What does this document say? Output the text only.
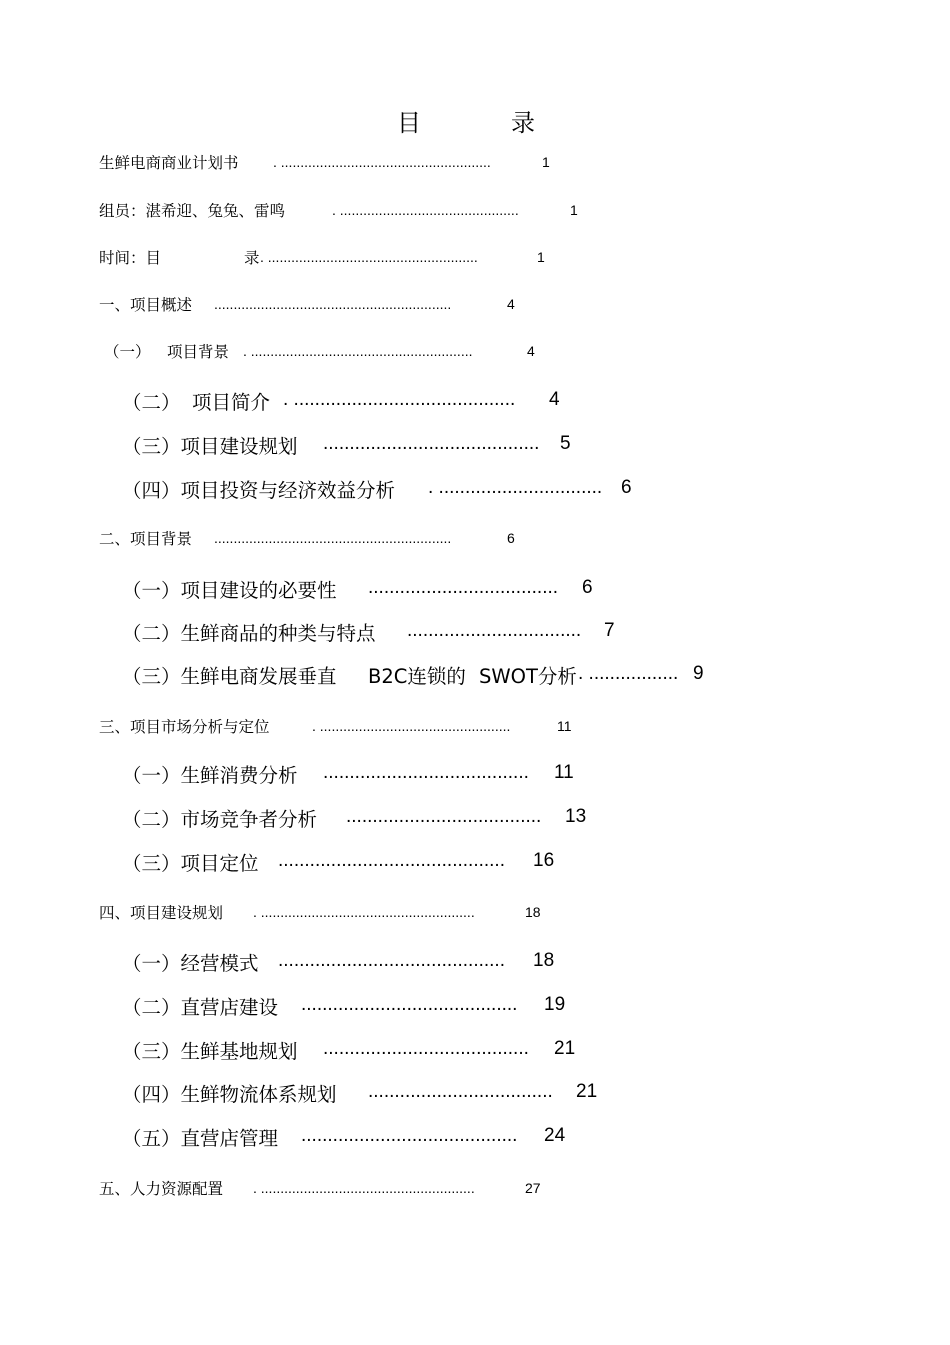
目	录
生鲜电商商业计划书 . ......................................................	1
组员：湛希迎、兔兔、雷鸣	. ..............................................	1
时间：目	录 . ......................................................	1
一、项目概述 .............................................................	4
（一） 项目背景 . .........................................................	4
（二） 项目简介 . .......................................... 4
（三）项目建设规划 ......................................... 5
（四）项目投资与经济效益分析 . ............................... 6
二、项目背景 .............................................................	6
（一）项目建设的必要性 .................................... 6
（二）生鲜商品的种类与特点 ................................. 7
（三）生鲜电商发展垂直 B2C连锁的 SWOT分析 . ................. 9
三、项目市场分析与定位	. .................................................	11
（一）生鲜消费分析 ....................................... 11
（二）市场竞争者分析 ..................................... 13
（三）项目定位 ........................................... 16
四、项目建设规划 . .......................................................	18
（一）经营模式 ........................................... 18
（二）直营店建设 ......................................... 19
（三）生鲜基地规划 ....................................... 21
（四）生鲜物流体系规划 ................................... 21
（五）直营店管理 ......................................... 24
五、人力资源配置 . .......................................................	27
